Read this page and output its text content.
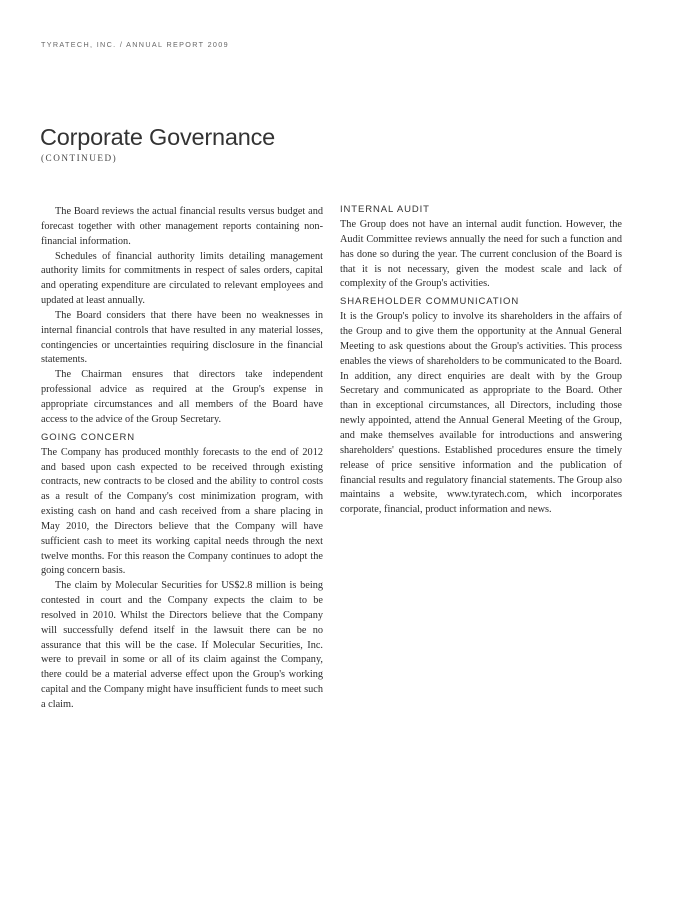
TYRATECH, INC. / ANNUAL REPORT 2009
Corporate Governance
(CONTINUED)

The Board reviews the actual financial results versus budget and forecast together with other management reports containing non-financial information.

Schedules of financial authority limits detailing management authority limits for commitments in respect of sales orders, capital and operating expenditure are circulated to relevant employees and updated at least annually.

The Board considers that there have been no weaknesses in internal financial controls that have resulted in any material losses, contingencies or uncertainties requiring disclosure in the financial statements.

The Chairman ensures that directors take independent professional advice as required at the Group's expense in appropriate circumstances and all members of the Board have access to the advice of the Group Secretary.

GOING CONCERN

The Company has produced monthly forecasts to the end of 2012 and based upon cash expected to be received through existing contracts, new contracts to be closed and the ability to control costs as a result of the Company's cost minimization program, with existing cash on hand and cash received from a share placing in May 2010, the Directors believe that the Company will have sufficient cash to meet its working capital needs through the next twelve months. For this reason the Company continues to adopt the going concern basis.

The claim by Molecular Securities for US$2.8 million is being contested in court and the Company expects the claim to be resolved in 2010. Whilst the Directors believe that the Company will successfully defend itself in the lawsuit there can be no assurance that this will be the case. If Molecular Securities, Inc. were to prevail in some or all of its claim against the Company, there could be a material adverse effect upon the Group's working capital and the Company might have insufficient funds to meet such a claim.

INTERNAL AUDIT

The Group does not have an internal audit function. However, the Audit Committee reviews annually the need for such a function and has done so during the year. The current conclusion of the Board is that it is not necessary, given the modest scale and lack of complexity of the Group's activities.

SHAREHOLDER COMMUNICATION

It is the Group's policy to involve its shareholders in the affairs of the Group and to give them the opportunity at the Annual General Meeting to ask questions about the Group's activities. This process enables the views of shareholders to be communicated to the Board. In addition, any direct enquiries are dealt with by the Group Secretary and communicated as appropriate to the Board. Other than in exceptional circumstances, all Directors, including those newly appointed, attend the Annual General Meeting of the Group, and make themselves available for introductions and answering shareholders' questions. Established procedures ensure the timely release of price sensitive information and the publication of financial results and regulatory financial statements. The Group also maintains a website, www.tyratech.com, which incorporates corporate, financial, product information and news.
